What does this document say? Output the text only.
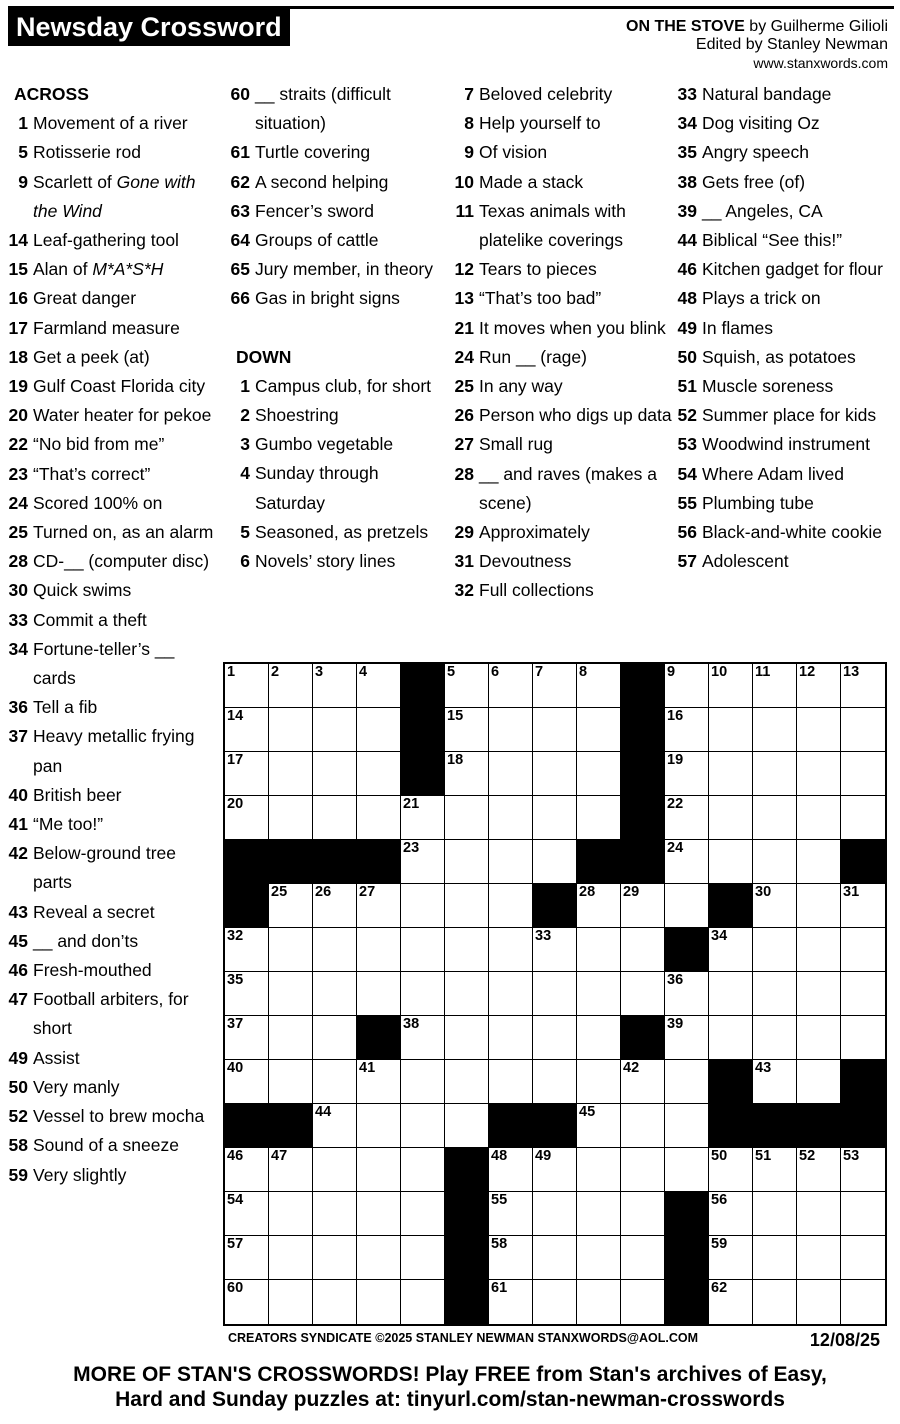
Newsday Crossword	ON THE STOVE by Guilherme Gilioli
Edited by Stanley Newman
www.stanxwords.com
ACROSS
1 Movement of a river
5 Rotisserie rod
9 Scarlett of Gone with the Wind
14 Leaf-gathering tool
15 Alan of M*A*S*H
16 Great danger
17 Farmland measure
18 Get a peek (at)
19 Gulf Coast Florida city
20 Water heater for pekoe
22 “No bid from me”
23 “That’s correct”
24 Scored 100% on
25 Turned on, as an alarm
28 CD-__ (computer disc)
30 Quick swims
33 Commit a theft
34 Fortune-teller’s __ cards
36 Tell a fib
37 Heavy metallic frying pan
40 British beer
41 “Me too!”
42 Below-ground tree parts
43 Reveal a secret
45 __ and don’ts
46 Fresh-mouthed
47 Football arbiters, for short
49 Assist
50 Very manly
52 Vessel to brew mocha
58 Sound of a sneeze
59 Very slightly
60 __ straits (difficult situation)
61 Turtle covering
62 A second helping
63 Fencer’s sword
64 Groups of cattle
65 Jury member, in theory
66 Gas in bright signs
DOWN
1 Campus club, for short
2 Shoestring
3 Gumbo vegetable
4 Sunday through Saturday
5 Seasoned, as pretzels
6 Novels’ story lines
7 Beloved celebrity
8 Help yourself to
9 Of vision
10 Made a stack
11 Texas animals with platelike coverings
12 Tears to pieces
13 “That’s too bad”
21 It moves when you blink
24 Run __ (rage)
25 In any way
26 Person who digs up data
27 Small rug
28 __ and raves (makes a scene)
29 Approximately
31 Devoutness
32 Full collections
33 Natural bandage
34 Dog visiting Oz
35 Angry speech
38 Gets free (of)
39 __ Angeles, CA
44 Biblical “See this!”
46 Kitchen gadget for flour
48 Plays a trick on
49 In flames
50 Squish, as potatoes
51 Muscle soreness
52 Summer place for kids
53 Woodwind instrument
54 Where Adam lived
55 Plumbing tube
56 Black-and-white cookie
57 Adolescent
1 2 3 4	5 6 7 8	9 10 11 12 13
14	15	16
17	18	19
20	21	22
23	24
25 26 27	28 29	30	31
32	33	34
35	36
37	38	39
40	41	42	43
44	45
46 47	48 49	50 51 52 53
54	55	56
57	58	59
60	61	62
CREATORS SYNDICATE ©2025 STANLEY NEWMAN STANXWORDS@AOL.COM	12/08/25
MORE OF STAN'S CROSSWORDS! Play FREE from Stan's archives of Easy,
Hard and Sunday puzzles at: tinyurl.com/stan-newman-crosswords
